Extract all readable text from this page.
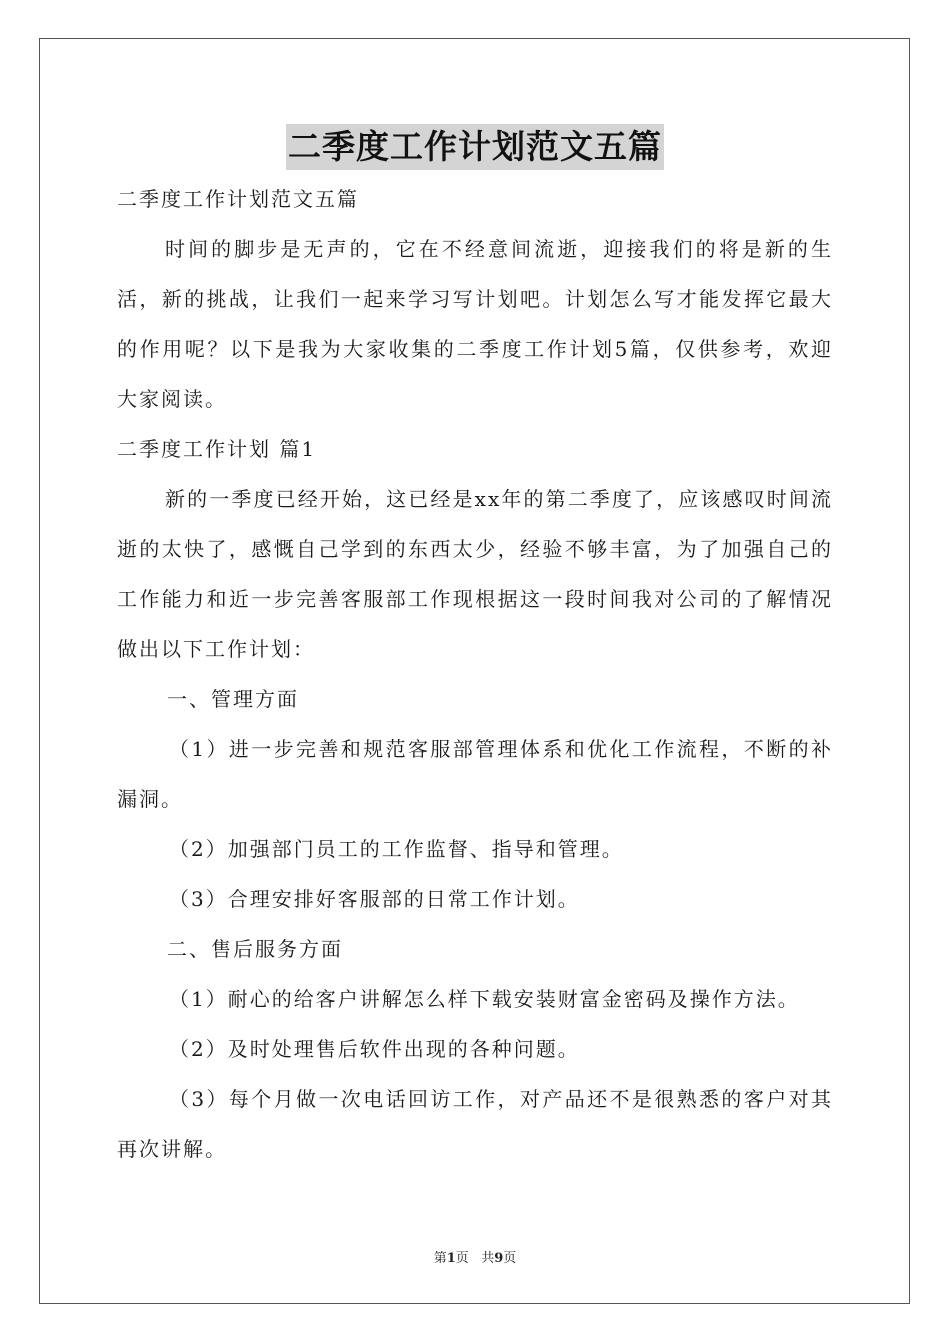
二季度工作计划范文五篇

二季度工作计划范文五篇

时间的脚步是无声的，它在不经意间流逝，迎接我们的将是新的生活，新的挑战，让我们一起来学习写计划吧。计划怎么写才能发挥它最大的作用呢？以下是我为大家收集的二季度工作计划5篇，仅供参考，欢迎大家阅读。

二季度工作计划 篇1

新的一季度已经开始，这已经是xx年的第二季度了，应该感叹时间流逝的太快了，感慨自己学到的东西太少，经验不够丰富，为了加强自己的工作能力和近一步完善客服部工作现根据这一段时间我对公司的了解情况做出以下工作计划：

一、管理方面

（1）进一步完善和规范客服部管理体系和优化工作流程，不断的补漏洞。

（2）加强部门员工的工作监督、指导和管理。

（3）合理安排好客服部的日常工作计划。

二、售后服务方面

（1）耐心的给客户讲解怎么样下载安装财富金密码及操作方法。

（2）及时处理售后软件出现的各种问题。

（3）每个月做一次电话回访工作，对产品还不是很熟悉的客户对其再次讲解。

第1页 共9页
